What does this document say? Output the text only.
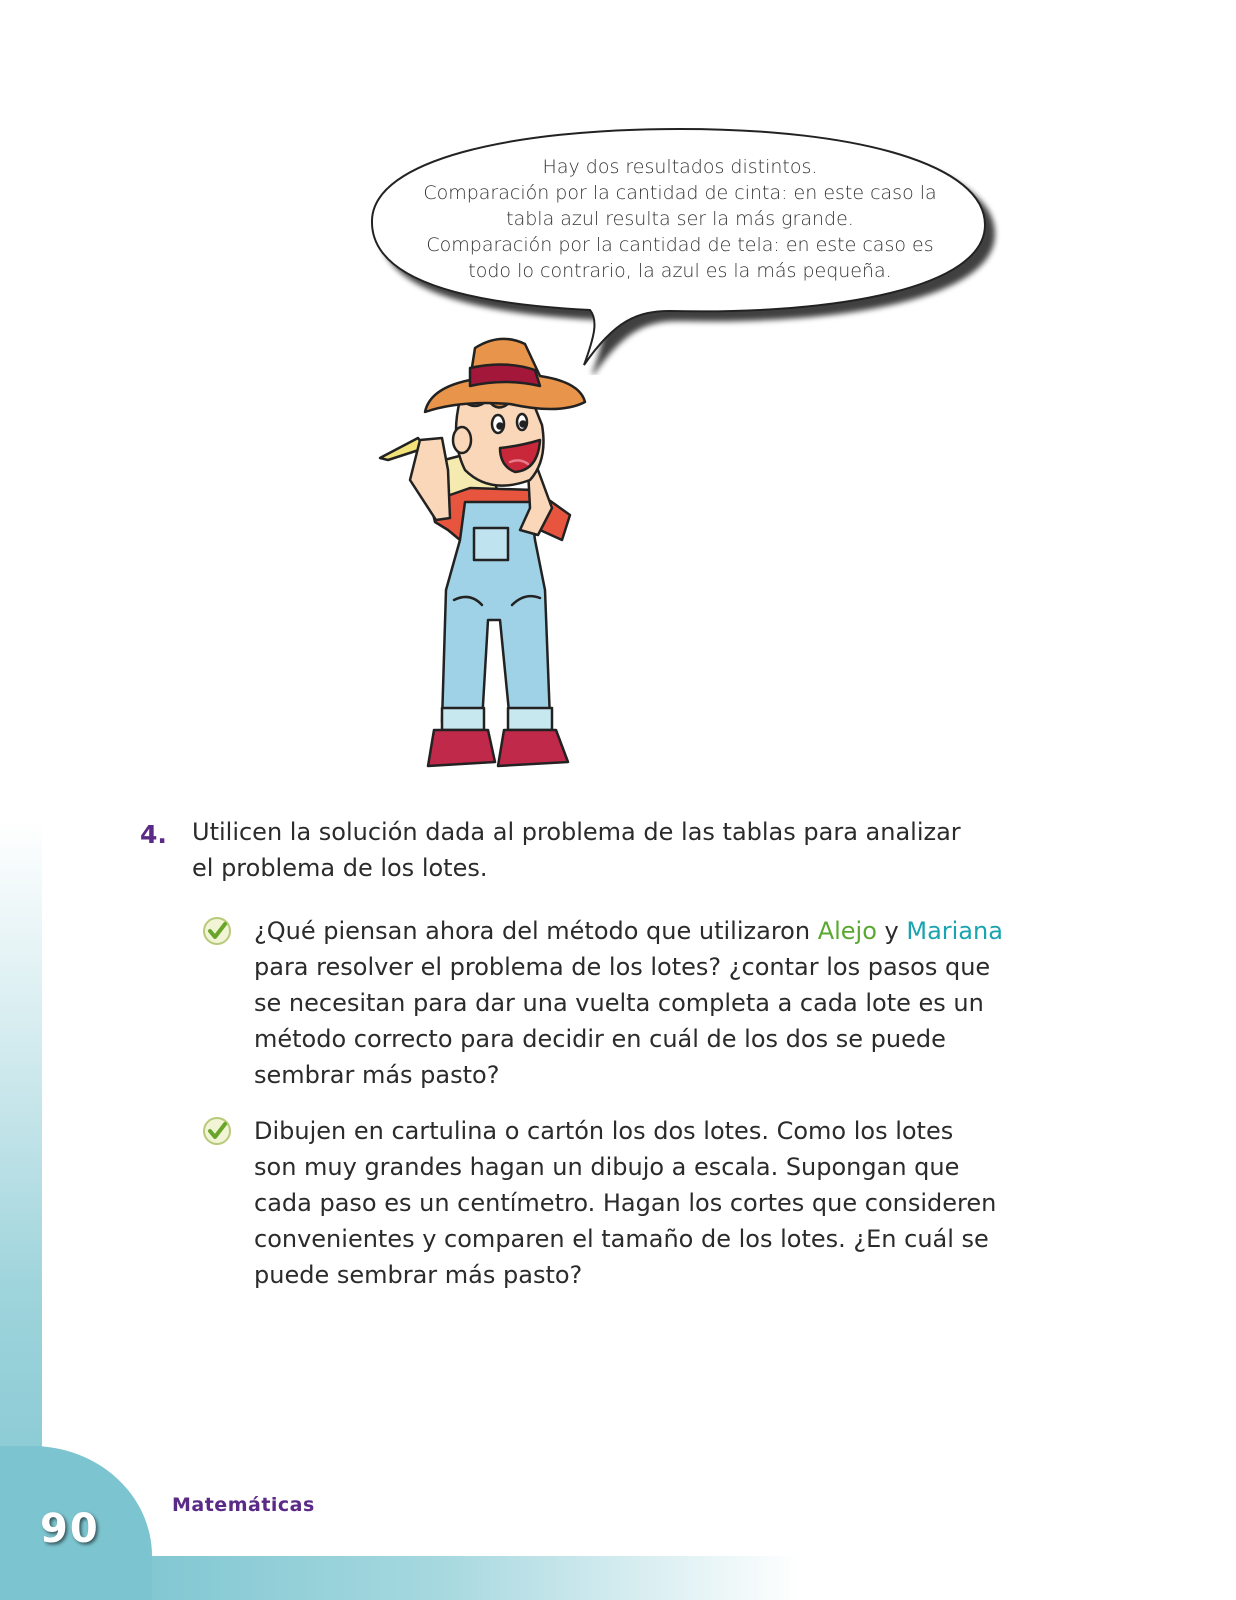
90
Matemáticas
Hay dos resultados distintos.
Comparación por la cantidad de cinta: en este caso la
tabla azul resulta ser la más grande.
Comparación por la cantidad de tela: en este caso es
todo lo contrario, la azul es la más pequeña.
4. Utilicen la solución dada al problema de las tablas para analizar
el problema de los lotes.
¿Qué piensan ahora del método que utilizaron Alejo y Mariana
para resolver el problema de los lotes? ¿contar los pasos que
se necesitan para dar una vuelta completa a cada lote es un
método correcto para decidir en cuál de los dos se puede
sembrar más pasto?
Dibujen en cartulina o cartón los dos lotes. Como los lotes
son muy grandes hagan un dibujo a escala. Supongan que
cada paso es un centímetro. Hagan los cortes que consideren
convenientes y comparen el tamaño de los lotes. ¿En cuál se
puede sembrar más pasto?
